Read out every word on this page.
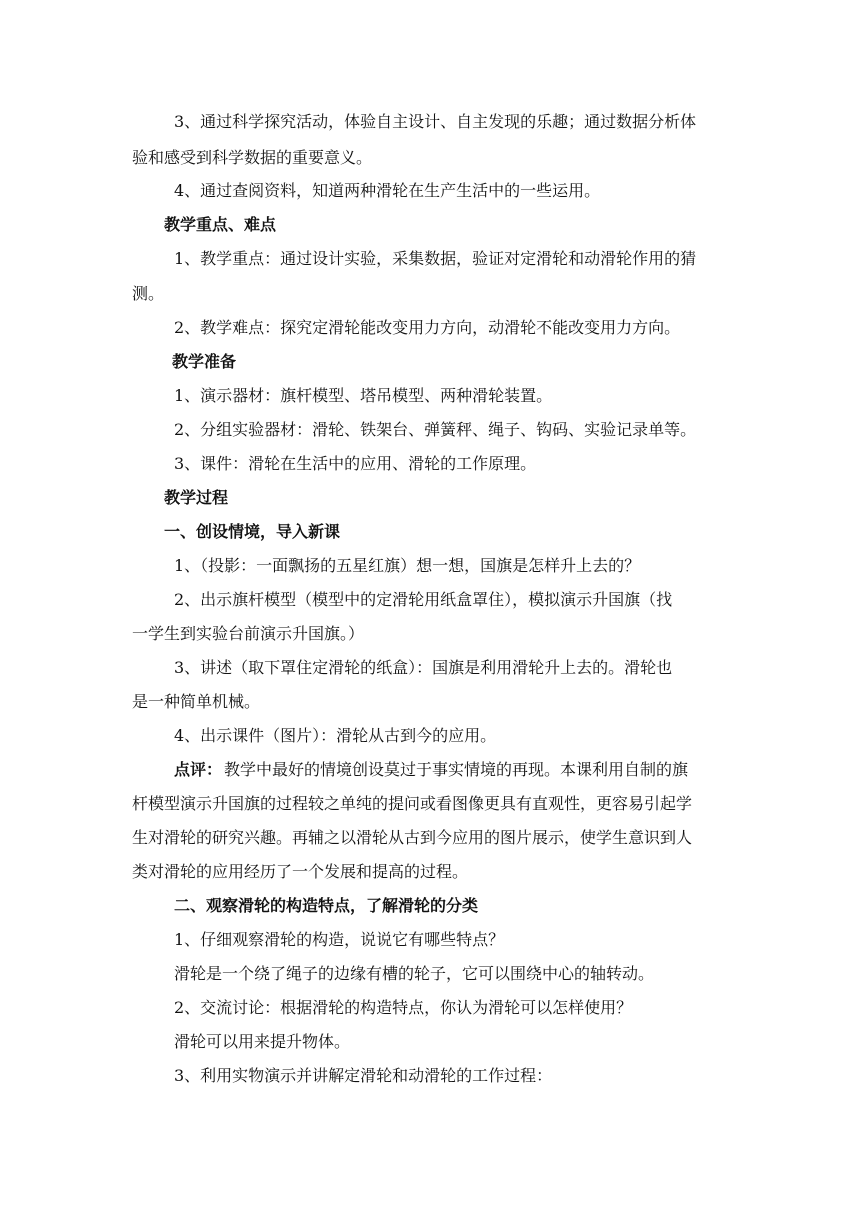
3、通过科学探究活动，体验自主设计、自主发现的乐趣；通过数据分析体
验和感受到科学数据的重要意义。
4、通过查阅资料，知道两种滑轮在生产生活中的一些运用。
教学重点、难点
1、教学重点：通过设计实验，采集数据，验证对定滑轮和动滑轮作用的猜
测。
2、教学难点：探究定滑轮能改变用力方向，动滑轮不能改变用力方向。
教学准备
1、演示器材：旗杆模型、塔吊模型、两种滑轮装置。
2、分组实验器材：滑轮、铁架台、弹簧秤、绳子、钩码、实验记录单等。
3、课件：滑轮在生活中的应用、滑轮的工作原理。
教学过程
一、创设情境，导入新课
1、（投影：一面飘扬的五星红旗）想一想，国旗是怎样升上去的？
2、出示旗杆模型（模型中的定滑轮用纸盒罩住），模拟演示升国旗（找
一学生到实验台前演示升国旗。）
3、讲述（取下罩住定滑轮的纸盒）：国旗是利用滑轮升上去的。滑轮也
是一种简单机械。
4、出示课件（图片）：滑轮从古到今的应用。
点评： 教学中最好的情境创设莫过于事实情境的再现。本课利用自制的旗
杆模型演示升国旗的过程较之单纯的提问或看图像更具有直观性，更容易引起学
生对滑轮的研究兴趣。再辅之以滑轮从古到今应用的图片展示，使学生意识到人
类对滑轮的应用经历了一个发展和提高的过程。
二、观察滑轮的构造特点，了解滑轮的分类
1、仔细观察滑轮的构造，说说它有哪些特点？
滑轮是一个绕了绳子的边缘有槽的轮子，它可以围绕中心的轴转动。
2、交流讨论：根据滑轮的构造特点，你认为滑轮可以怎样使用？
滑轮可以用来提升物体。
3、利用实物演示并讲解定滑轮和动滑轮的工作过程：
